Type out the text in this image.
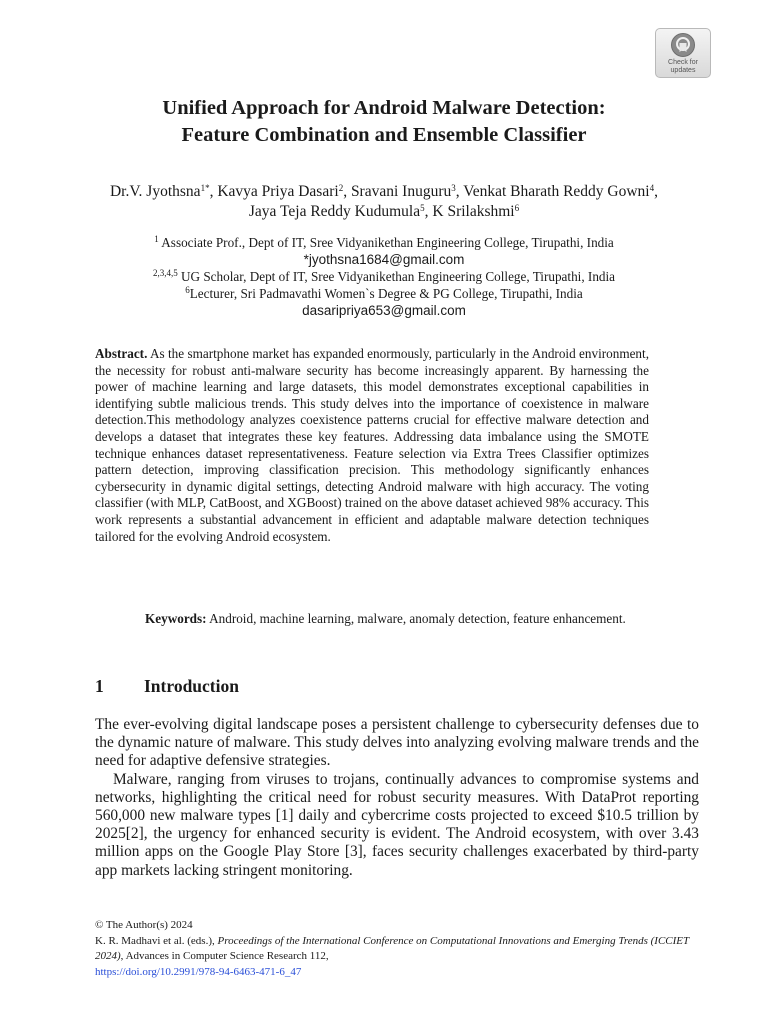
Check for
updates
Unified Approach for Android Malware Detection:
Feature Combination and Ensemble Classifier

Dr.V. Jyothsna$^{1*}$, Kavya Priya Dasari$^2$, Sravani Inuguru$^3$, Venkat Bharath Reddy Gowni$^4$, Jaya Teja Reddy Kudumula$^5$, K Srilakshmi$^6$

$^1$ Associate Prof., Dept of IT, Sree Vidyanikethan Engineering College, Tirupathi, India
*jyothsna1684@gmail.com
$^{2,3,4,5}$ UG Scholar, Dept of IT, Sree Vidyanikethan Engineering College, Tirupathi, India
$^6$Lecturer, Sri Padmavathi Women`s Degree & PG College, Tirupathi, India
dasaripriya653@gmail.com

Abstract. As the smartphone market has expanded enormously, particularly in the Android environment, the necessity for robust anti-malware security has become increasingly apparent. By harnessing the power of machine learning and large datasets, this model demonstrates exceptional capabilities in identifying subtle malicious trends. This study delves into the importance of coexistence in malware detection.This methodology analyzes coexistence patterns crucial for effective malware detection and develops a dataset that integrates these key features. Addressing data imbalance using the SMOTE technique enhances dataset representativeness. Feature selection via Extra Trees Classifier optimizes pattern detection, improving classification precision. This methodology significantly enhances cybersecurity in dynamic digital settings, detecting Android malware with high accuracy. The voting classifier (with MLP, CatBoost, and XGBoost) trained on the above dataset achieved 98% accuracy. This work represents a substantial advancement in efficient and adaptable malware detection techniques tailored for the evolving Android ecosystem.

Keywords: Android, machine learning, malware, anomaly detection, feature enhancement.

1 Introduction

The ever-evolving digital landscape poses a persistent challenge to cybersecurity defenses due to the dynamic nature of malware. This study delves into analyzing evolving malware trends and the need for adaptive defensive strategies.

Malware, ranging from viruses to trojans, continually advances to compromise systems and networks, highlighting the critical need for robust security measures. With DataProt reporting 560,000 new malware types [1] daily and cybercrime costs projected to exceed $10.5 trillion by 2025[2], the urgency for enhanced security is evident. The Android ecosystem, with over 3.43 million apps on the Google Play Store [3], faces security challenges exacerbated by third-party app markets lacking stringent monitoring.

© The Author(s) 2024
K. R. Madhavi et al. (eds.), Proceedings of the International Conference on Computational Innovations and Emerging Trends (ICCIET 2024), Advances in Computer Science Research 112,
https://doi.org/10.2991/978-94-6463-471-6_47
